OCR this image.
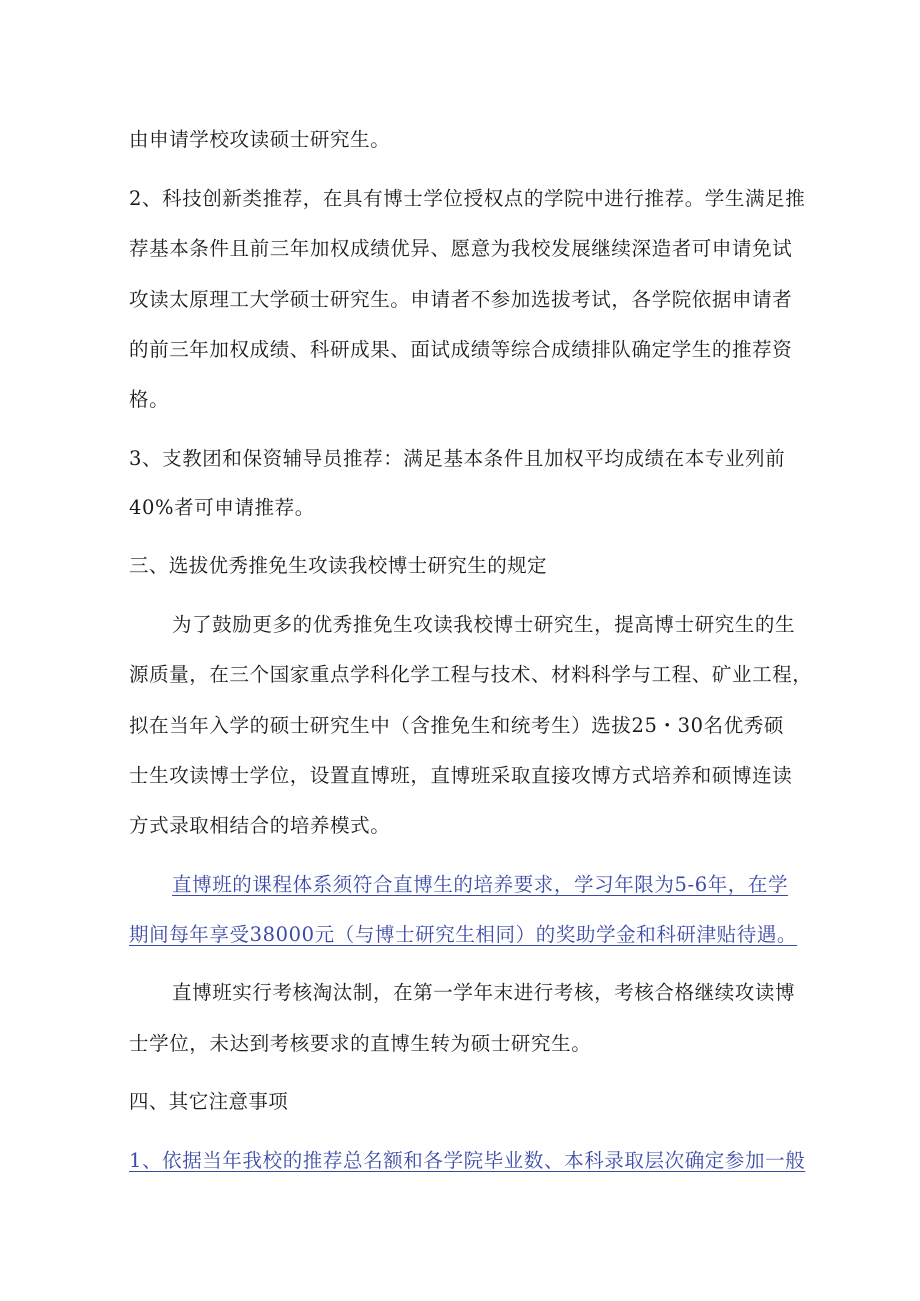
由申请学校攻读硕士研究生。
2、科技创新类推荐，在具有博士学位授权点的学院中进行推荐。学生满足推
荐基本条件且前三年加权成绩优异、愿意为我校发展继续深造者可申请免试
攻读太原理工大学硕士研究生。申请者不参加选拔考试，各学院依据申请者
的前三年加权成绩、科研成果、面试成绩等综合成绩排队确定学生的推荐资
格。
3、支教团和保资辅导员推荐：满足基本条件且加权平均成绩在本专业列前
40%者可申请推荐。
三、选拔优秀推免生攻读我校博士研究生的规定
为了鼓励更多的优秀推免生攻读我校博士研究生，提高博士研究生的生
源质量，在三个国家重点学科化学工程与技术、材料科学与工程、矿业工程，
拟在当年入学的硕士研究生中（含推免生和统考生）选拔25・30名优秀硕
士生攻读博士学位，设置直博班，直博班采取直接攻博方式培养和硕博连读
方式录取相结合的培养模式。
直博班的课程体系须符合直博生的培养要求，学习年限为5-6年，在学
期间每年享受38000元（与博士研究生相同）的奖助学金和科研津贴待遇。
直博班实行考核淘汰制，在第一学年末进行考核，考核合格继续攻读博
士学位，未达到考核要求的直博生转为硕士研究生。
四、其它注意事项
1、依据当年我校的推荐总名额和各学院毕业数、本科录取层次确定参加一般
